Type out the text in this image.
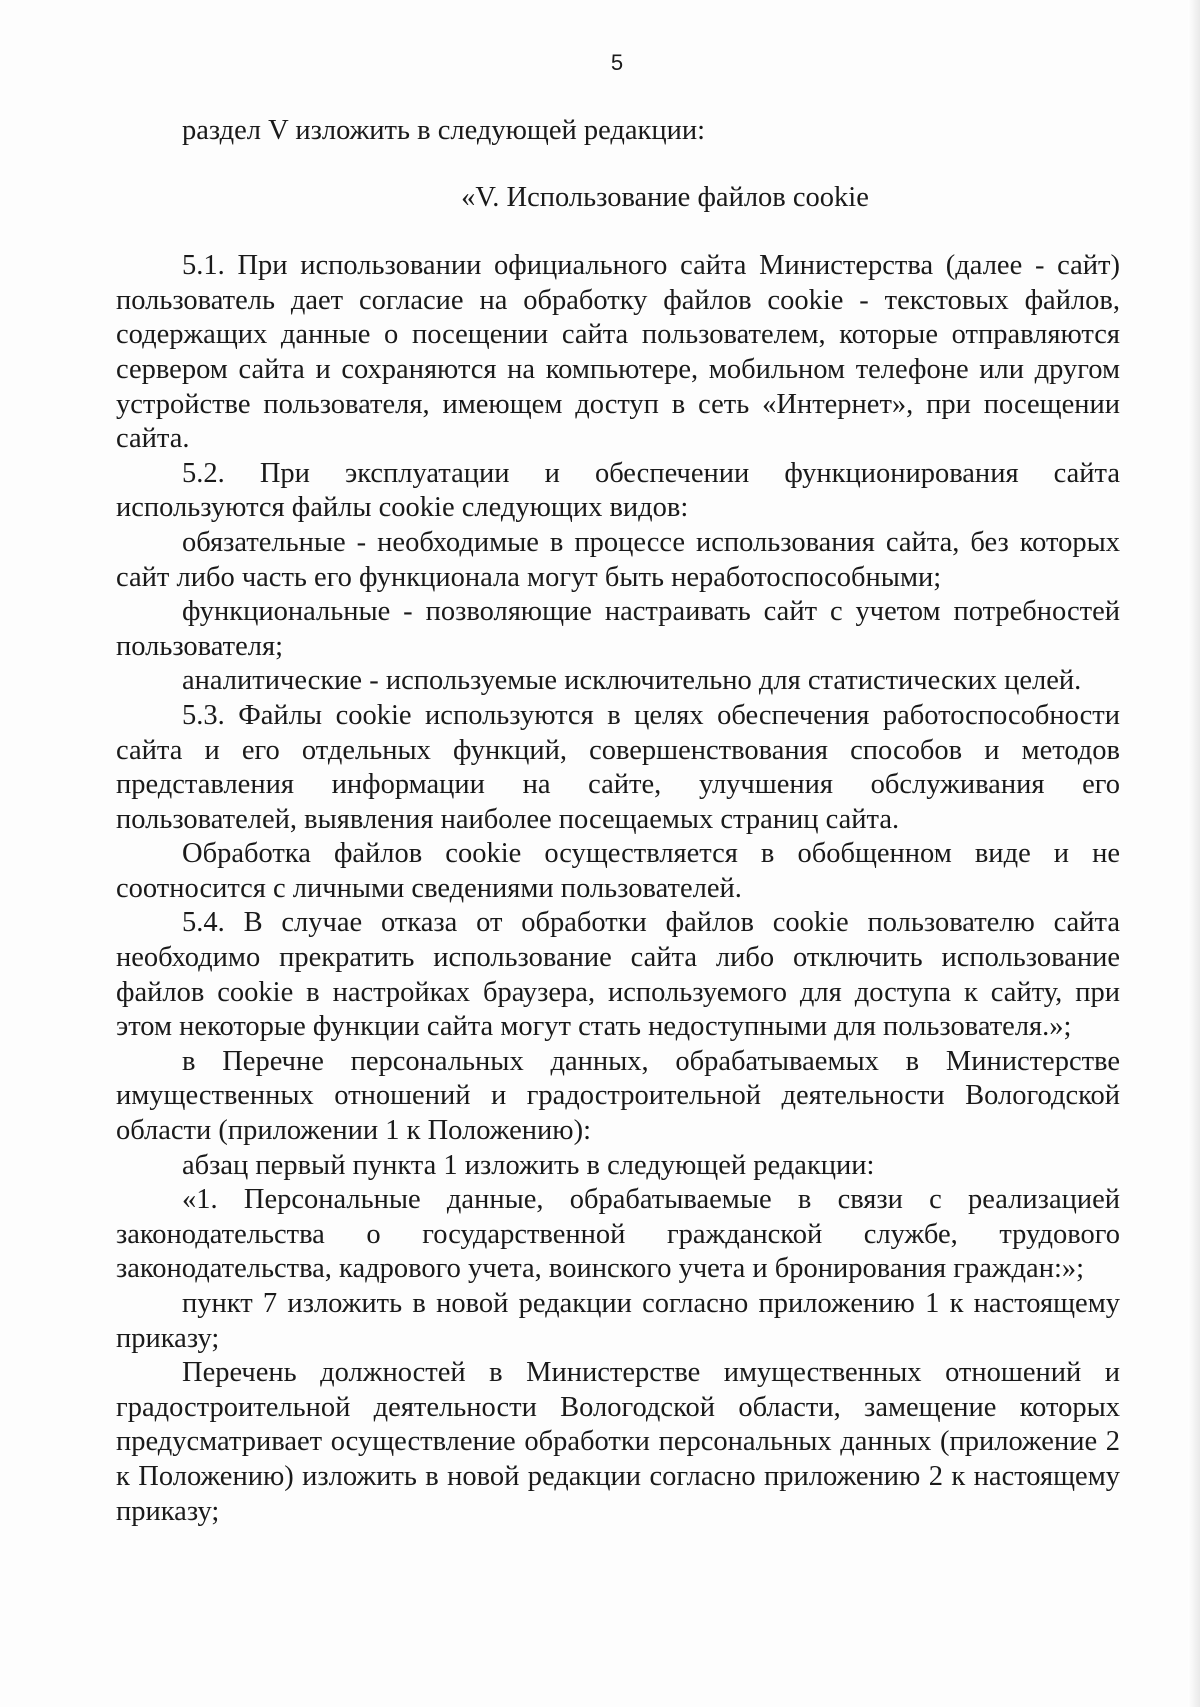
5

раздел V изложить в следующей редакции:

«V. Использование файлов cookie

5.1. При использовании официального сайта Министерства (далее - сайт) пользователь дает согласие на обработку файлов cookie - текстовых файлов, содержащих данные о посещении сайта пользователем, которые отправляются сервером сайта и сохраняются на компьютере, мобильном телефоне или другом устройстве пользователя, имеющем доступ в сеть «Интернет», при посещении сайта.

5.2. При эксплуатации и обеспечении функционирования сайта используются файлы cookie следующих видов:

обязательные - необходимые в процессе использования сайта, без которых сайт либо часть его функционала могут быть неработоспособными;

функциональные - позволяющие настраивать сайт с учетом потребностей пользователя;

аналитические - используемые исключительно для статистических целей.

5.3. Файлы cookie используются в целях обеспечения работоспособности сайта и его отдельных функций, совершенствования способов и методов представления информации на сайте, улучшения обслуживания его пользователей, выявления наиболее посещаемых страниц сайта.

Обработка файлов cookie осуществляется в обобщенном виде и не соотносится с личными сведениями пользователей.

5.4. В случае отказа от обработки файлов cookie пользователю сайта необходимо прекратить использование сайта либо отключить использование файлов cookie в настройках браузера, используемого для доступа к сайту, при этом некоторые функции сайта могут стать недоступными для пользователя.»;

в Перечне персональных данных, обрабатываемых в Министерстве имущественных отношений и градостроительной деятельности Вологодской области (приложении 1 к Положению):

абзац первый пункта 1 изложить в следующей редакции:

«1. Персональные данные, обрабатываемые в связи с реализацией законодательства о государственной гражданской службе, трудового законодательства, кадрового учета, воинского учета и бронирования граждан:»;

пункт 7 изложить в новой редакции согласно приложению 1 к настоящему приказу;

Перечень должностей в Министерстве имущественных отношений и градостроительной деятельности Вологодской области, замещение которых предусматривает осуществление обработки персональных данных (приложение 2 к Положению) изложить в новой редакции согласно приложению 2 к настоящему приказу;
